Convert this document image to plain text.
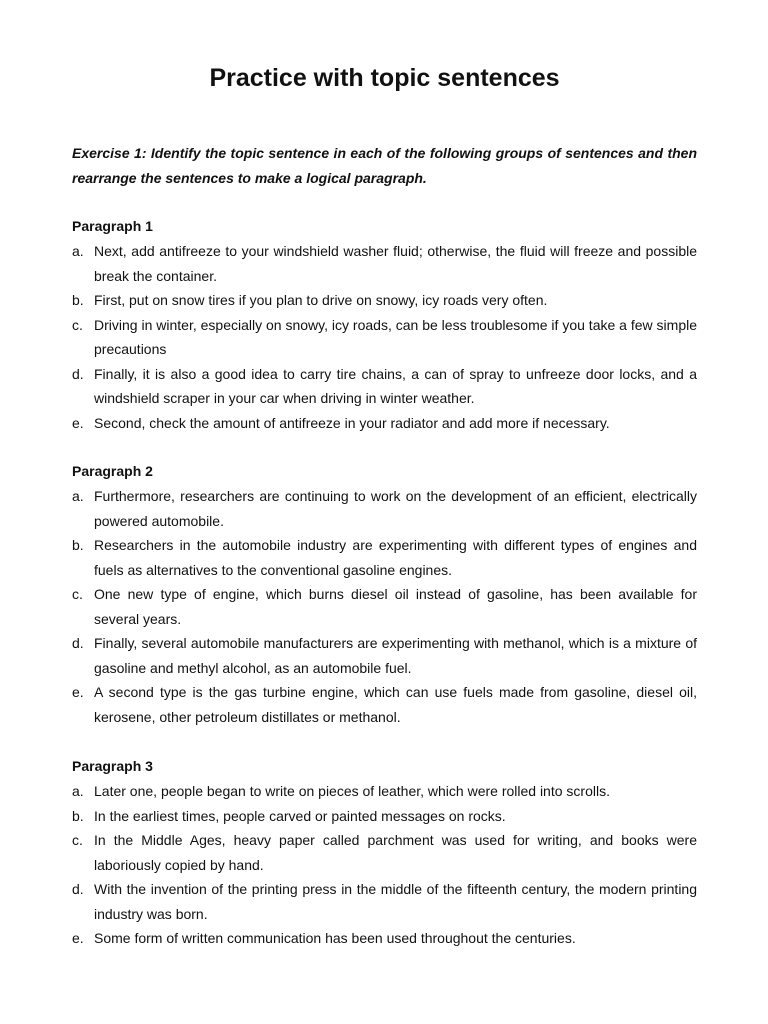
Practice with topic sentences

Exercise 1: Identify the topic sentence in each of the following groups of sentences and then rearrange the sentences to make a logical paragraph.

Paragraph 1

a. Next, add antifreeze to your windshield washer fluid; otherwise, the fluid will freeze and possible break the container.
b. First, put on snow tires if you plan to drive on snowy, icy roads very often.
c. Driving in winter, especially on snowy, icy roads, can be less troublesome if you take a few simple precautions
d. Finally, it is also a good idea to carry tire chains, a can of spray to unfreeze door locks, and a windshield scraper in your car when driving in winter weather.
e. Second, check the amount of antifreeze in your radiator and add more if necessary.

Paragraph 2

a. Furthermore, researchers are continuing to work on the development of an efficient, electrically powered automobile.
b. Researchers in the automobile industry are experimenting with different types of engines and fuels as alternatives to the conventional gasoline engines.
c. One new type of engine, which burns diesel oil instead of gasoline, has been available for several years.
d. Finally, several automobile manufacturers are experimenting with methanol, which is a mixture of gasoline and methyl alcohol, as an automobile fuel.
e. A second type is the gas turbine engine, which can use fuels made from gasoline, diesel oil, kerosene, other petroleum distillates or methanol.

Paragraph 3

a. Later one, people began to write on pieces of leather, which were rolled into scrolls.
b. In the earliest times, people carved or painted messages on rocks.
c. In the Middle Ages, heavy paper called parchment was used for writing, and books were laboriously copied by hand.
d. With the invention of the printing press in the middle of the fifteenth century, the modern printing industry was born.
e. Some form of written communication has been used throughout the centuries.
